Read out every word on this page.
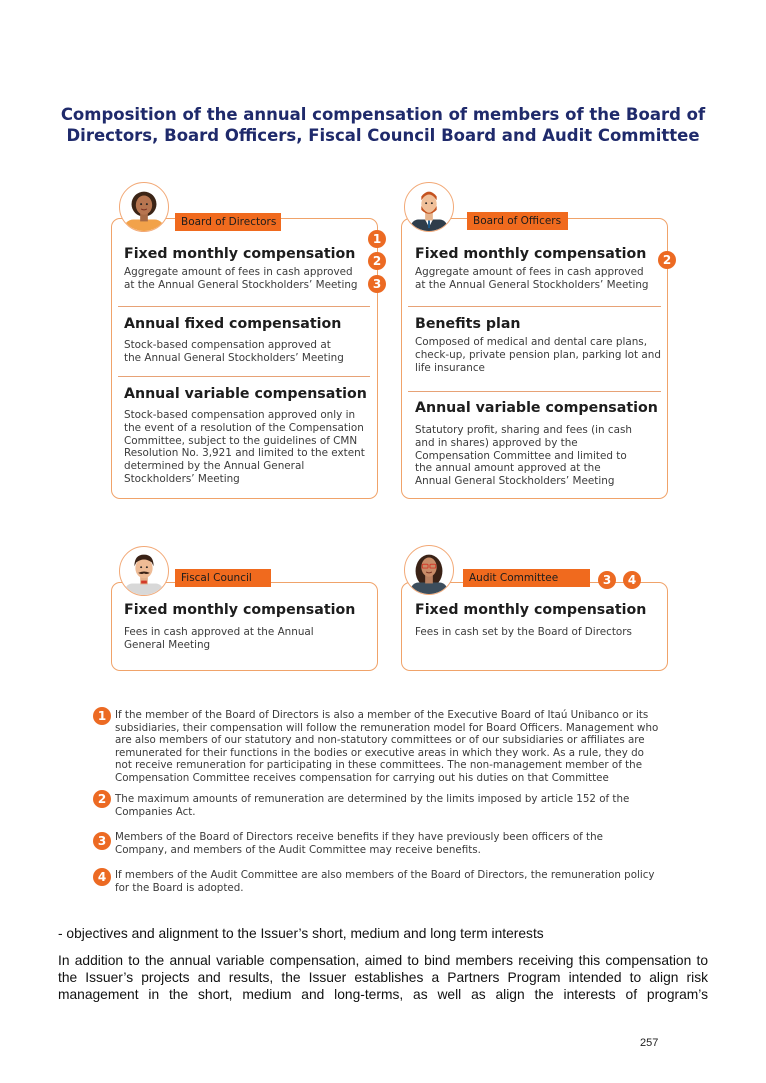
Composition of the annual compensation of members of the Board of Directors, Board Officers, Fiscal Council Board and Audit Committee
Board of Directors
1
2
3
Fixed monthly compensation
Aggregate amount of fees in cash approved at the Annual General Stockholders’ Meeting
Annual fixed compensation
Stock-based compensation approved at the Annual General Stockholders’ Meeting
Annual variable compensation
Stock-based compensation approved only in the event of a resolution of the Compensation Committee, subject to the guidelines of CMN Resolution No. 3,921 and limited to the extent determined by the Annual General Stockholders’ Meeting
Board of Officers
2
Fixed monthly compensation
Aggregate amount of fees in cash approved at the Annual General Stockholders’ Meeting
Benefits plan
Composed of medical and dental care plans, check-up, private pension plan, parking lot and life insurance
Annual variable compensation
Statutory profit, sharing and fees (in cash and in shares) approved by the Compensation Committee and limited to the annual amount approved at the Annual General Stockholders’ Meeting
Fiscal Council
Fixed monthly compensation
Fees in cash approved at the Annual General Meeting
Audit Committee	3	4
Fixed monthly compensation
Fees in cash set by the Board of Directors
1 If the member of the Board of Directors is also a member of the Executive Board of Itaú Unibanco or its subsidiaries, their compensation will follow the remuneration model for Board Officers. Management who are also members of our statutory and non-statutory committees or of our subsidiaries or affiliates are remunerated for their functions in the bodies or executive areas in which they work. As a rule, they do not receive remuneration for participating in these committees. The non-management member of the Compensation Committee receives compensation for carrying out his duties on that Committee
2 The maximum amounts of remuneration are determined by the limits imposed by article 152 of the Companies Act.
3 Members of the Board of Directors receive benefits if they have previously been officers of the Company, and members of the Audit Committee may receive benefits.
4 If members of the Audit Committee are also members of the Board of Directors, the remuneration policy for the Board is adopted.
- objectives and alignment to the Issuer’s short, medium and long term interests
In addition to the annual variable compensation, aimed to bind members receiving this compensation to
the Issuer’s projects and results, the Issuer establishes a Partners Program intended to align risk
management in the short, medium and long-terms, as well as align the interests of program’s
257
